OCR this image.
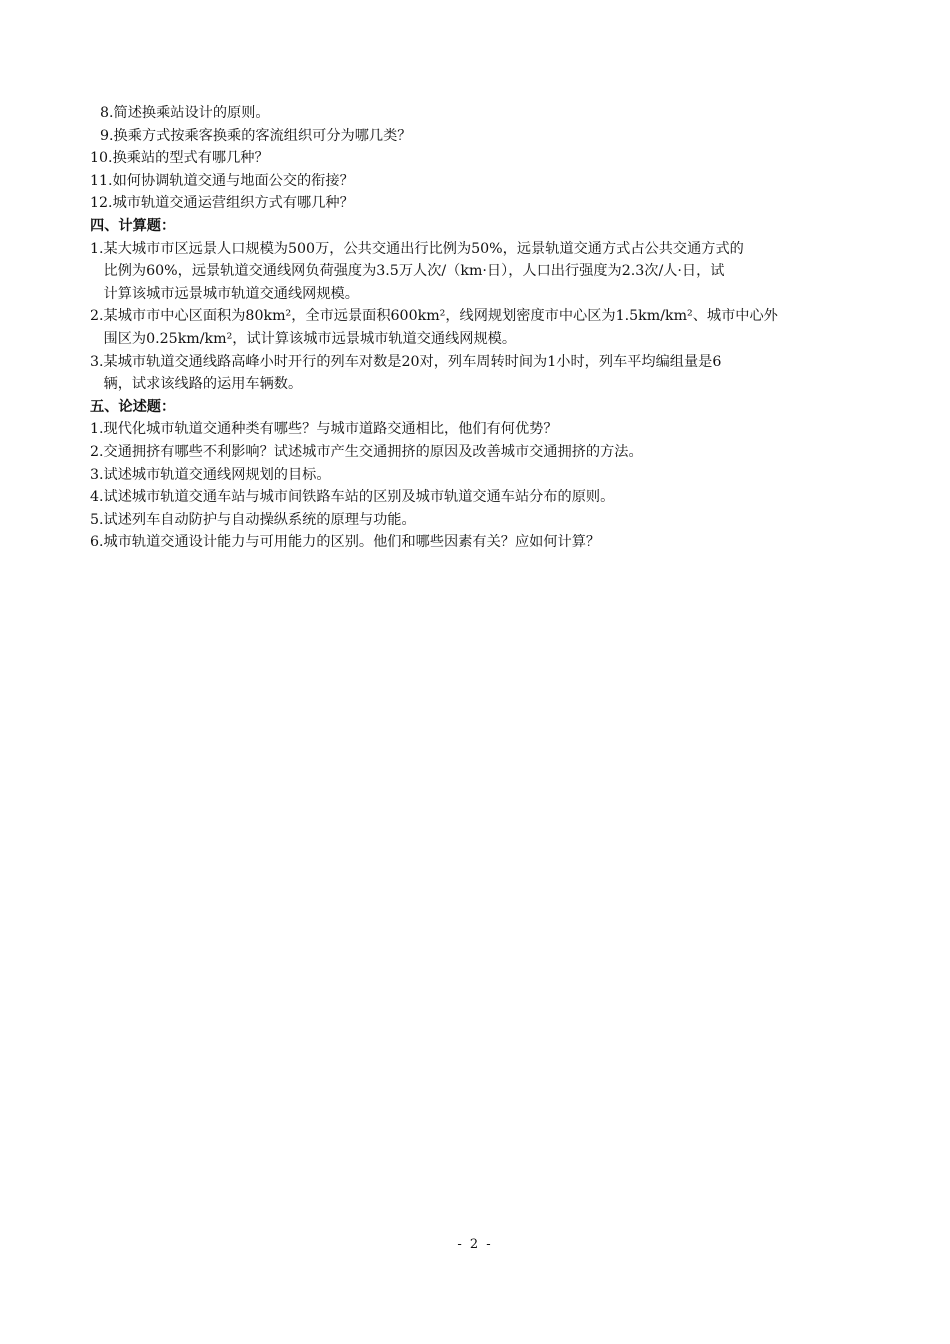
8.简述换乘站设计的原则。
9.换乘方式按乘客换乘的客流组织可分为哪几类？
10.换乘站的型式有哪几种？
11.如何协调轨道交通与地面公交的衔接？
12.城市轨道交通运营组织方式有哪几种？
四、计算题：
1. 某大城市市区远景人口规模为500万，公共交通出行比例为50%，远景轨道交通方式占公共交通方式的
比例为60%，远景轨道交通线网负荷强度为3.5万人次/（km·日），人口出行强度为2.3次/人·日，试
计算该城市远景城市轨道交通线网规模。
2. 某城市市中心区面积为80km²，全市远景面积600km²，线网规划密度市中心区为1.5km/km²、城市中心外
围区为0.25km/km²，试计算该城市远景城市轨道交通线网规模。
3. 某城市轨道交通线路高峰小时开行的列车对数是20对，列车周转时间为1小时，列车平均编组量是6
辆，试求该线路的运用车辆数。
五、论述题：
1.现代化城市轨道交通种类有哪些？与城市道路交通相比，他们有何优势？
2.交通拥挤有哪些不利影响？试述城市产生交通拥挤的原因及改善城市交通拥挤的方法。
3.试述城市轨道交通线网规划的目标。
4.试述城市轨道交通车站与城市间铁路车站的区别及城市轨道交通车站分布的原则。
5.试述列车自动防护与自动操纵系统的原理与功能。
6.城市轨道交通设计能力与可用能力的区别。他们和哪些因素有关？应如何计算？
- 2 -
